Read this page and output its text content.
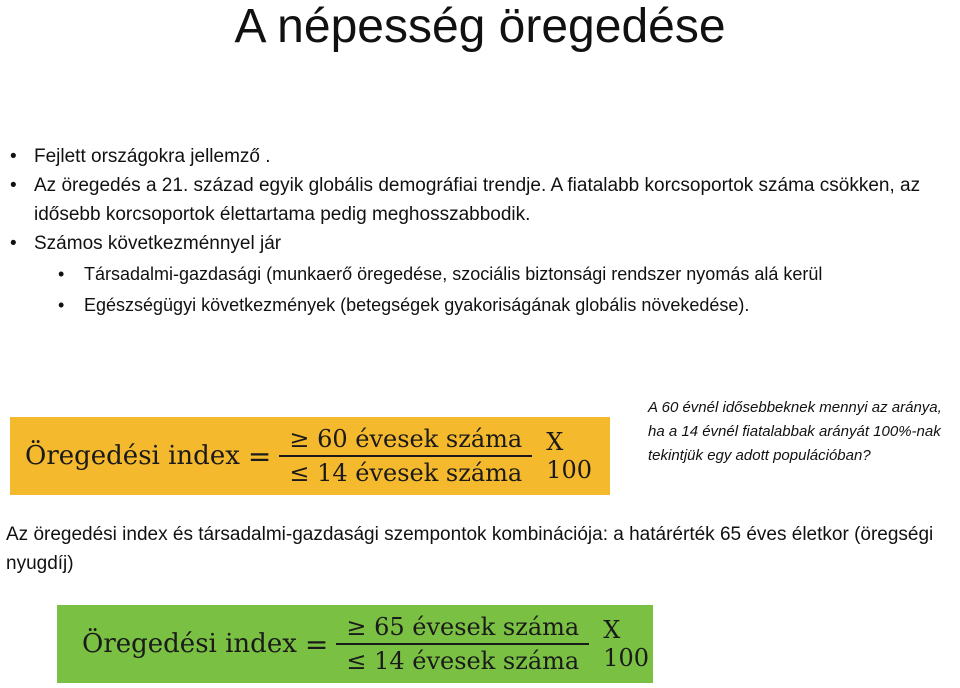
A népesség öregedése
• Fejlett országokra jellemző .
• Az öregedés a 21. század egyik globális demográfiai trendje. A fiatalabb korcsoportok száma csökken, az idősebb korcsoportok élettartama pedig meghosszabbodik.
• Számos következménnyel jár
• Társadalmi-gazdasági (munkaerő öregedése, szociális biztonsági rendszer nyomás alá kerül
• Egészségügyi következmények (betegségek gyakoriságának globális növekedése).
Öregedési index = $\frac{\text{≥ 60 évesek száma}}{\text{≤ 14 évesek száma}}$ X 100
A 60 évnél idősebbeknek mennyi az aránya, ha a 14 évnél fiatalabbak arányát 100%-nak tekintjük egy adott populációban?
Az öregedési index és társadalmi-gazdasági szempontok kombinációja: a határérték 65 éves életkor (öregségi nyugdíj)
Öregedési index = $\frac{\text{≥ 65 évesek száma}}{\text{≤ 14 évesek száma}}$ X 100
